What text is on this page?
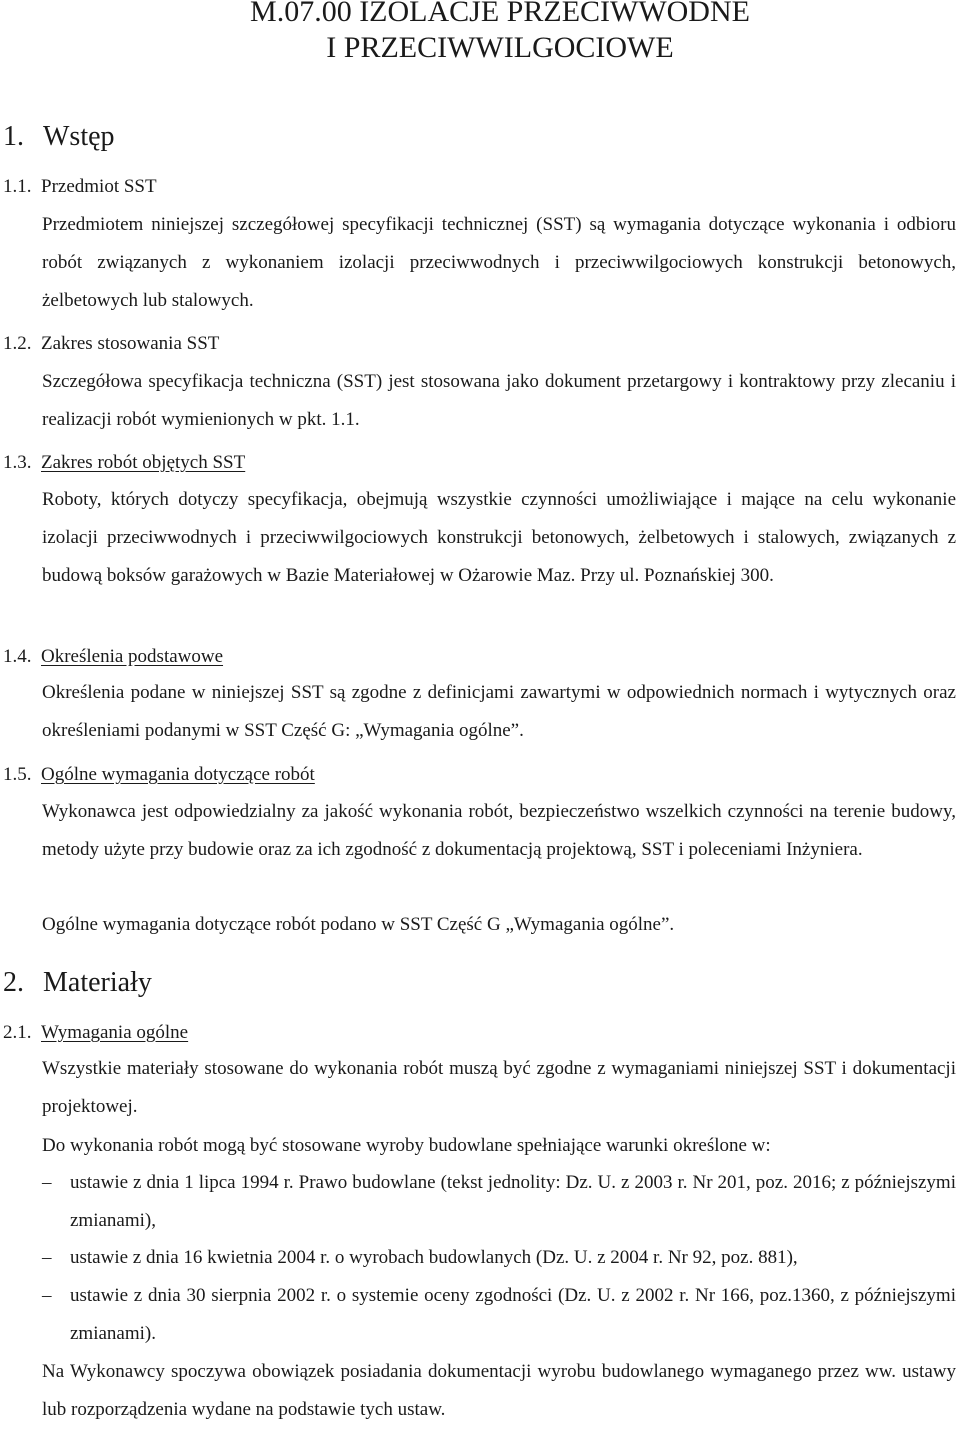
M.07.00 IZOLACJE PRZECIWWODNE
I PRZECIWWILGOCIOWE
1. Wstęp
1.1. Przedmiot SST
Przedmiotem niniejszej szczegółowej specyfikacji technicznej (SST) są wymagania dotyczące wykonania i odbioru robót związanych z wykonaniem izolacji przeciwwodnych i przeciwwilgociowych konstrukcji betonowych, żelbetowych lub stalowych.
1.2. Zakres stosowania SST
Szczegółowa specyfikacja techniczna (SST) jest stosowana jako dokument przetargowy i kontraktowy przy zlecaniu i realizacji robót wymienionych w pkt. 1.1.
1.3. Zakres robót objętych SST
Roboty, których dotyczy specyfikacja, obejmują wszystkie czynności umożliwiające i mające na celu wykonanie izolacji przeciwwodnych i przeciwwilgociowych konstrukcji betonowych, żelbetowych i stalowych, związanych z budową boksów garażowych w Bazie Materiałowej w Ożarowie Maz. Przy ul. Poznańskiej 300.
1.4. Określenia podstawowe
Określenia podane w niniejszej SST są zgodne z definicjami zawartymi w odpowiednich normach i wytycznych oraz określeniami podanymi w SST Część G: „Wymagania ogólne”.
1.5. Ogólne wymagania dotyczące robót
Wykonawca jest odpowiedzialny za jakość wykonania robót, bezpieczeństwo wszelkich czynności na terenie budowy, metody użyte przy budowie oraz za ich zgodność z dokumentacją projektową, SST i poleceniami Inżyniera.
Ogólne wymagania dotyczące robót podano w SST Część G „Wymagania ogólne”.
2. Materiały
2.1. Wymagania ogólne
Wszystkie materiały stosowane do wykonania robót muszą być zgodne z wymaganiami niniejszej SST i dokumentacji projektowej.
Do wykonania robót mogą być stosowane wyroby budowlane spełniające warunki określone w:
– ustawie z dnia 1 lipca 1994 r. Prawo budowlane (tekst jednolity: Dz. U. z 2003 r. Nr 201, poz. 2016; z późniejszymi zmianami),
– ustawie z dnia 16 kwietnia 2004 r. o wyrobach budowlanych (Dz. U. z 2004 r. Nr 92, poz. 881),
– ustawie z dnia 30 sierpnia 2002 r. o systemie oceny zgodności (Dz. U. z 2002 r. Nr 166, poz.1360, z późniejszymi zmianami).
Na Wykonawcy spoczywa obowiązek posiadania dokumentacji wyrobu budowlanego wymaganego przez ww. ustawy lub rozporządzenia wydane na podstawie tych ustaw.
